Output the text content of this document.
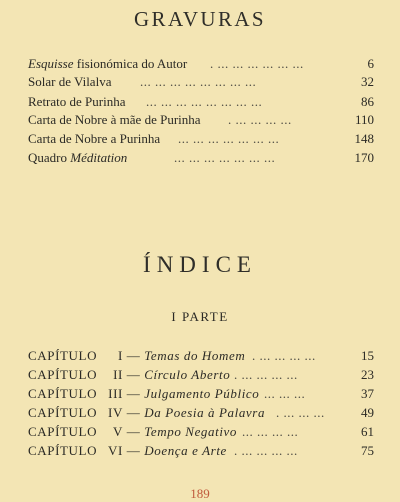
GRAVURAS
Esquisse fisionómica do Autor . ... ... ... ... ... ...	6
Solar de Vilalva ... ... ... ... ... ... ... ...	32
Retrato de Purinha ... ... ... ... ... ... ... ...	86
Carta de Nobre à mãe de Purinha . ... ... ... ...	110
Carta de Nobre a Purinha ... ... ... ... ... ... ...	148
Quadro Méditation	... ... ... ... ... ... ...	170
ÍNDICE
I PARTE
CAPÍTULO I — Temas do Homem . ... ... ... ...	15
CAPÍTULO II — Círculo Aberto . ... ... ... ...	23
CAPÍTULO III — Julgamento Público ... ... ...	37
CAPÍTULO IV — Da Poesia à Palavra . ... ... ...	49
CAPÍTULO V — Tempo Negativo ... ... ... ...	61
CAPÍTULO VI — Doença e Arte . ... ... ... ...	75
189
